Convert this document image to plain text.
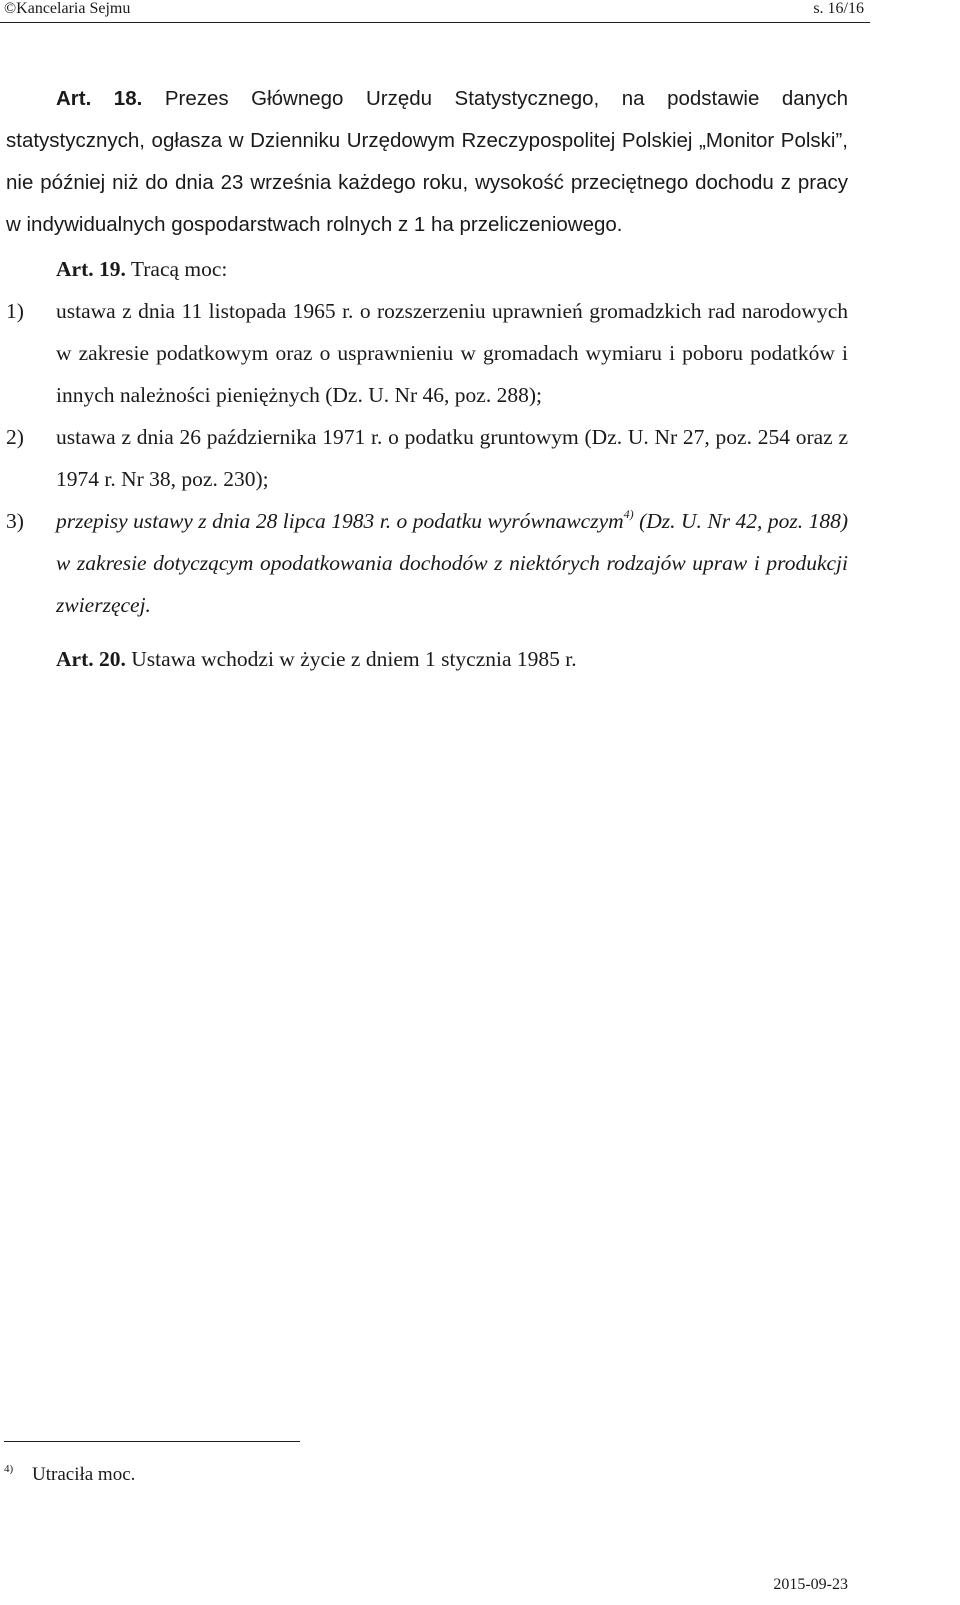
©Kancelaria Sejmu	s. 16/16

Art. 18. Prezes Głównego Urzędu Statystycznego, na podstawie danych statystycznych, ogłasza w Dzienniku Urzędowym Rzeczypospolitej Polskiej „Monitor Polski”, nie później niż do dnia 23 września każdego roku, wysokość przeciętnego dochodu z pracy w indywidualnych gospodarstwach rolnych z 1 ha przeliczeniowego.

Art. 19. Tracą moc:

1)	ustawa z dnia 11 listopada 1965 r. o rozszerzeniu uprawnień gromadzkich rad narodowych w zakresie podatkowym oraz o usprawnieniu w gromadach wymiaru i poboru podatków i innych należności pieniężnych (Dz. U. Nr 46, poz. 288);
2)	ustawa z dnia 26 października 1971 r. o podatku gruntowym (Dz. U. Nr 27, poz. 254 oraz z 1974 r. Nr 38, poz. 230);
3)	przepisy ustawy z dnia 28 lipca 1983 r. o podatku wyrównawczym$^{4)}$ (Dz. U. Nr 42, poz. 188) w zakresie dotyczącym opodatkowania dochodów z niektórych rodzajów upraw i produkcji zwierzęcej.

Art. 20. Ustawa wchodzi w życie z dniem 1 stycznia 1985 r.

4) Utraciła moc.
2015-09-23
